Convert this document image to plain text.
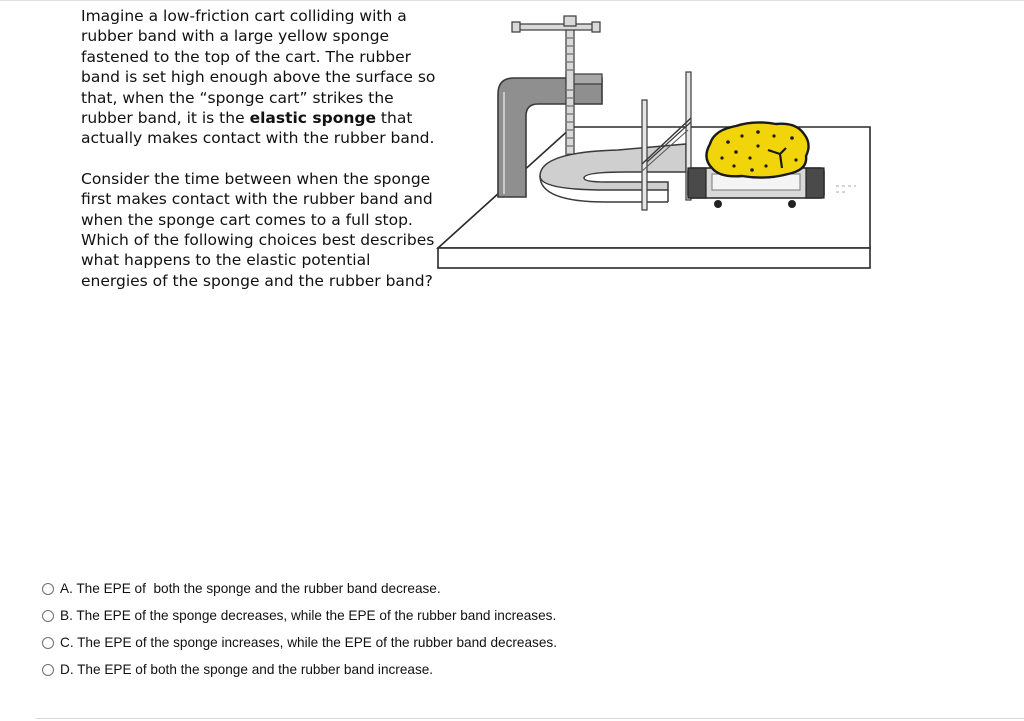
Imagine a low-friction cart colliding with a rubber band with a large yellow sponge fastened to the top of the cart. The rubber band is set high enough above the surface so that, when the “sponge cart” strikes the rubber band, it is the elastic sponge that actually makes contact with the rubber band.

Consider the time between when the sponge first makes contact with the rubber band and when the sponge cart comes to a full stop. Which of the following choices best describes what happens to the elastic potential energies of the sponge and the rubber band?

A. The EPE of  both the sponge and the rubber band decrease.
B. The EPE of the sponge decreases, while the EPE of the rubber band increases.
C. The EPE of the sponge increases, while the EPE of the rubber band decreases.
D. The EPE of both the sponge and the rubber band increase.
